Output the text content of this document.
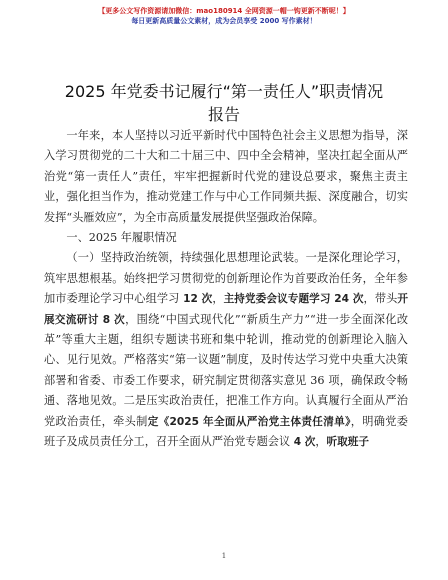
【更多公文写作资源请加微信：mao180914 全网资源一帽一钩更新不断呢！】
每日更新高质量公文素材，成为会员享受 2000 写作素材！
2025 年党委书记履行“第一责任人”职责情况
报告

一年来，本人坚持以习近平新时代中国特色社会主义思想为指导，深入学习贯彻党的二十大和二十届三中、四中全会精神，坚决扛起全面从严治党“第一责任人”责任，牢牢把握新时代党的建设总要求，聚焦主责主业，强化担当作为，推动党建工作与中心工作同频共振、深度融合，切实发挥“头雁效应”，为全市高质量发展提供坚强政治保障。

一、2025 年履职情况

（一）坚持政治统领，持续强化思想理论武装。一是深化理论学习，筑牢思想根基。始终把学习贯彻党的创新理论作为首要政治任务，全年参加市委理论学习中心组学习 12 次，主持党委会议专题学习 24 次，带头开展交流研讨 8 次，围绕“中国式现代化”“新质生产力”“进一步全面深化改革”等重大主题，组织专题读书班和集中轮训，推动党的创新理论入脑入心、见行见效。严格落实“第一议题”制度，及时传达学习党中央重大决策部署和省委、市委工作要求，研究制定贯彻落实意见 36 项，确保政令畅通、落地见效。二是压实政治责任，把准工作方向。认真履行全面从严治党政治责任，牵头制定《2025 年全面从严治党主体责任清单》，明确党委班子及成员责任分工，召开全面从严治党专题会议 4 次，听取班子

1
